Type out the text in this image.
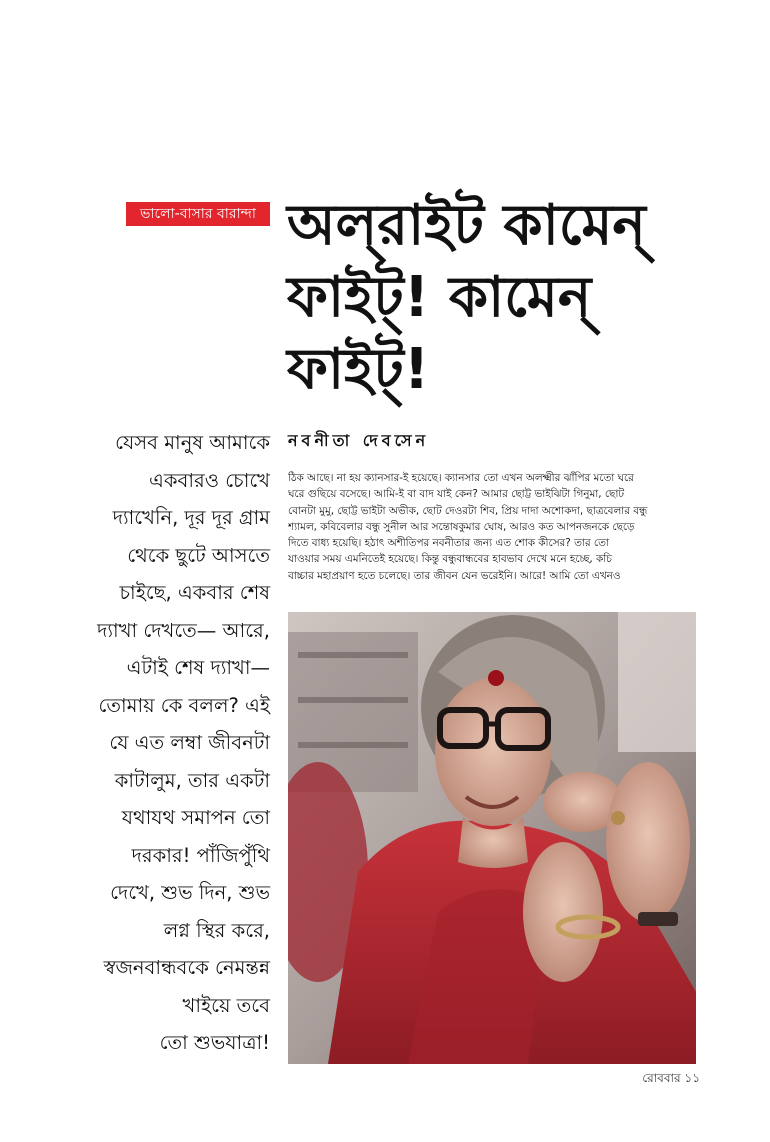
ভালো-বাসার বারান্দা অল্‌রাইট কামেন্‌
ফাইট্‌! কামেন্‌
ফাইট্‌!
যেসব মানুষ আমাকে
একবারও চোখে
দ্যাখেনি, দূর দূর গ্রাম
থেকে ছুটে আসতে
চাইছে, একবার শেষ
দ্যাখা দেখতে— আরে,
এটাই শেষ দ্যাখা—
তোমায় কে বলল? এই
যে এত লম্বা জীবনটা
কাটালুম, তার একটা
যথাযথ সমাপন তো
দরকার! পাঁজিপুঁথি
দেখে, শুভ দিন, শুভ
লগ্ন স্থির করে,
স্বজনবান্ধবকে নেমন্তন্ন
খাইয়ে তবে
তো শুভযাত্রা!
নবনীতা দেবসেন
ঠিক আছে। না হয় ক্যানসার-ই হয়েছে। ক্যানসার তো এখন অলক্ষ্মীর ঝাঁপির মতো ঘরে
ঘরে গুছিয়ে বসেছে। আমি-ই বা বাদ যাই কেন? আমার ছোট্ট ভাইঝিটা গিনুমা, ছোট
বোনটা মুমু, ছোট্ট ভাইটা অভীক, ছোট দেওরটা শিব, প্রিয় দাদা অশোকদা, ছাত্রবেলার বন্ধু
শ্যামল, কবিবেলার বন্ধু সুনীল আর সন্তোষকুমার ঘোষ, আরও কত আপনজনকে ছেড়ে
দিতে বাধ্য হয়েছি। হঠাৎ অশীতিপর নবনীতার জন্য এত শোক কীসের? তার তো
যাওয়ার সময় এমনিতেই হয়েছে। কিন্তু বন্ধুবান্ধবের হাবভাব দেখে মনে হচ্ছে, কচি
বাচ্চার মহাপ্রয়াণ হতে চলেছে। তার জীবন যেন ভরেইনি। আরে! আমি তো এখনও
রোববার ১১
